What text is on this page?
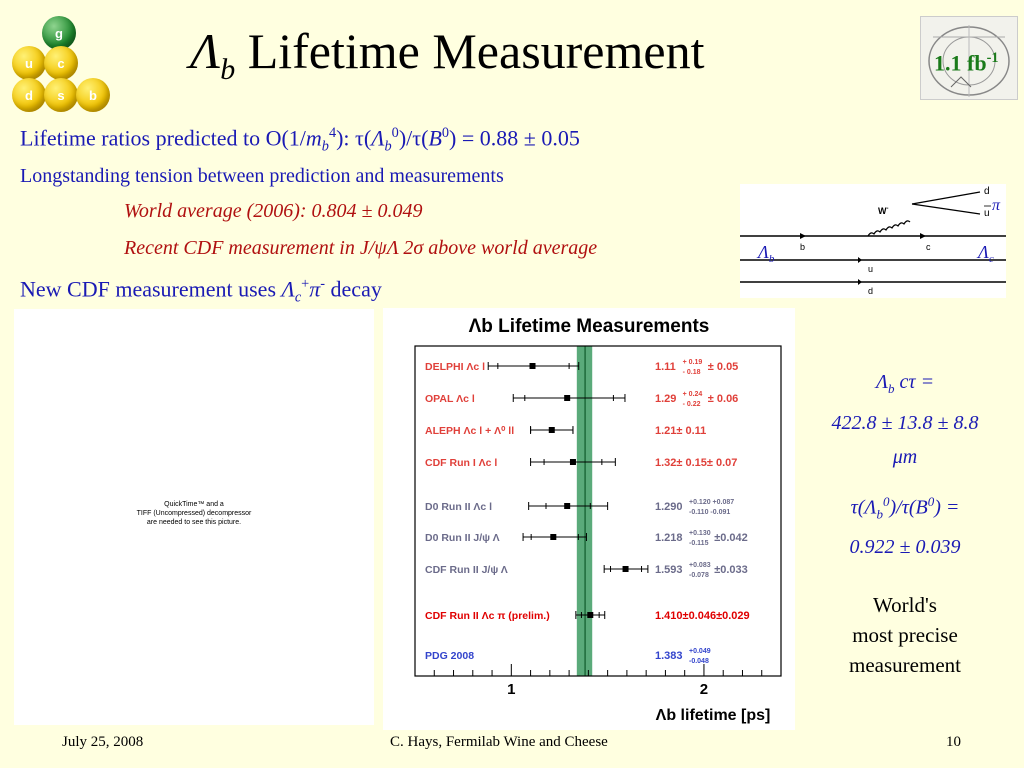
g
u	c
d	s	b
$\Lambda_b$ Lifetime Measurement	1.1 $fb^{-1}$
Lifetime ratios predicted to $O(1/m_b^4)$: $\tau(\Lambda_b^0)/\tau(B^0) = 0.88 \pm 0.05$
Longstanding tension between prediction and measurements
World average (2006): 0.804 ± 0.049
Recent CDF measurement in J/ψΛ 2σ above world average
New CDF measurement uses $\Lambda_c^+\pi^-$ decay
W-
d
u π
b	c
u
d
$\Lambda_b$	$\Lambda_c$
QuickTime™ and a
TIFF (Uncompressed) decompressor
are needed to see this picture.
Λb Lifetime Measurements
1	2
Λb lifetime [ps]
DELPHI Λc l	1.11 + 0.19
- 0.18 ± 0.05
OPAL Λc l	1.29 + 0.24
- 0.22 ± 0.06
ALEPH Λc l + Λ⁰ ll	1.21± 0.11
CDF Run I Λc l	1.32± 0.15± 0.07
D0 Run II Λc l	1.290 +0.120 +0.087
-0.110 -0.091
D0 Run II J/ψ Λ	1.218 +0.130
-0.115 ±0.042
CDF Run II J/ψ Λ	1.593 +0.083
-0.078 ±0.033
CDF Run II Λc π (prelim.)	1.410±0.046±0.029
PDG 2008	1.383 +0.049
-0.048
$\Lambda_b$ cτ =
422.8 ± 13.8 ± 8.8
μm
$\tau(\Lambda_b^0)/\tau(B^0)$ =
0.922 ± 0.039
World's
most precise
measurement
July 25, 2008	C. Hays, Fermilab Wine and Cheese	10
